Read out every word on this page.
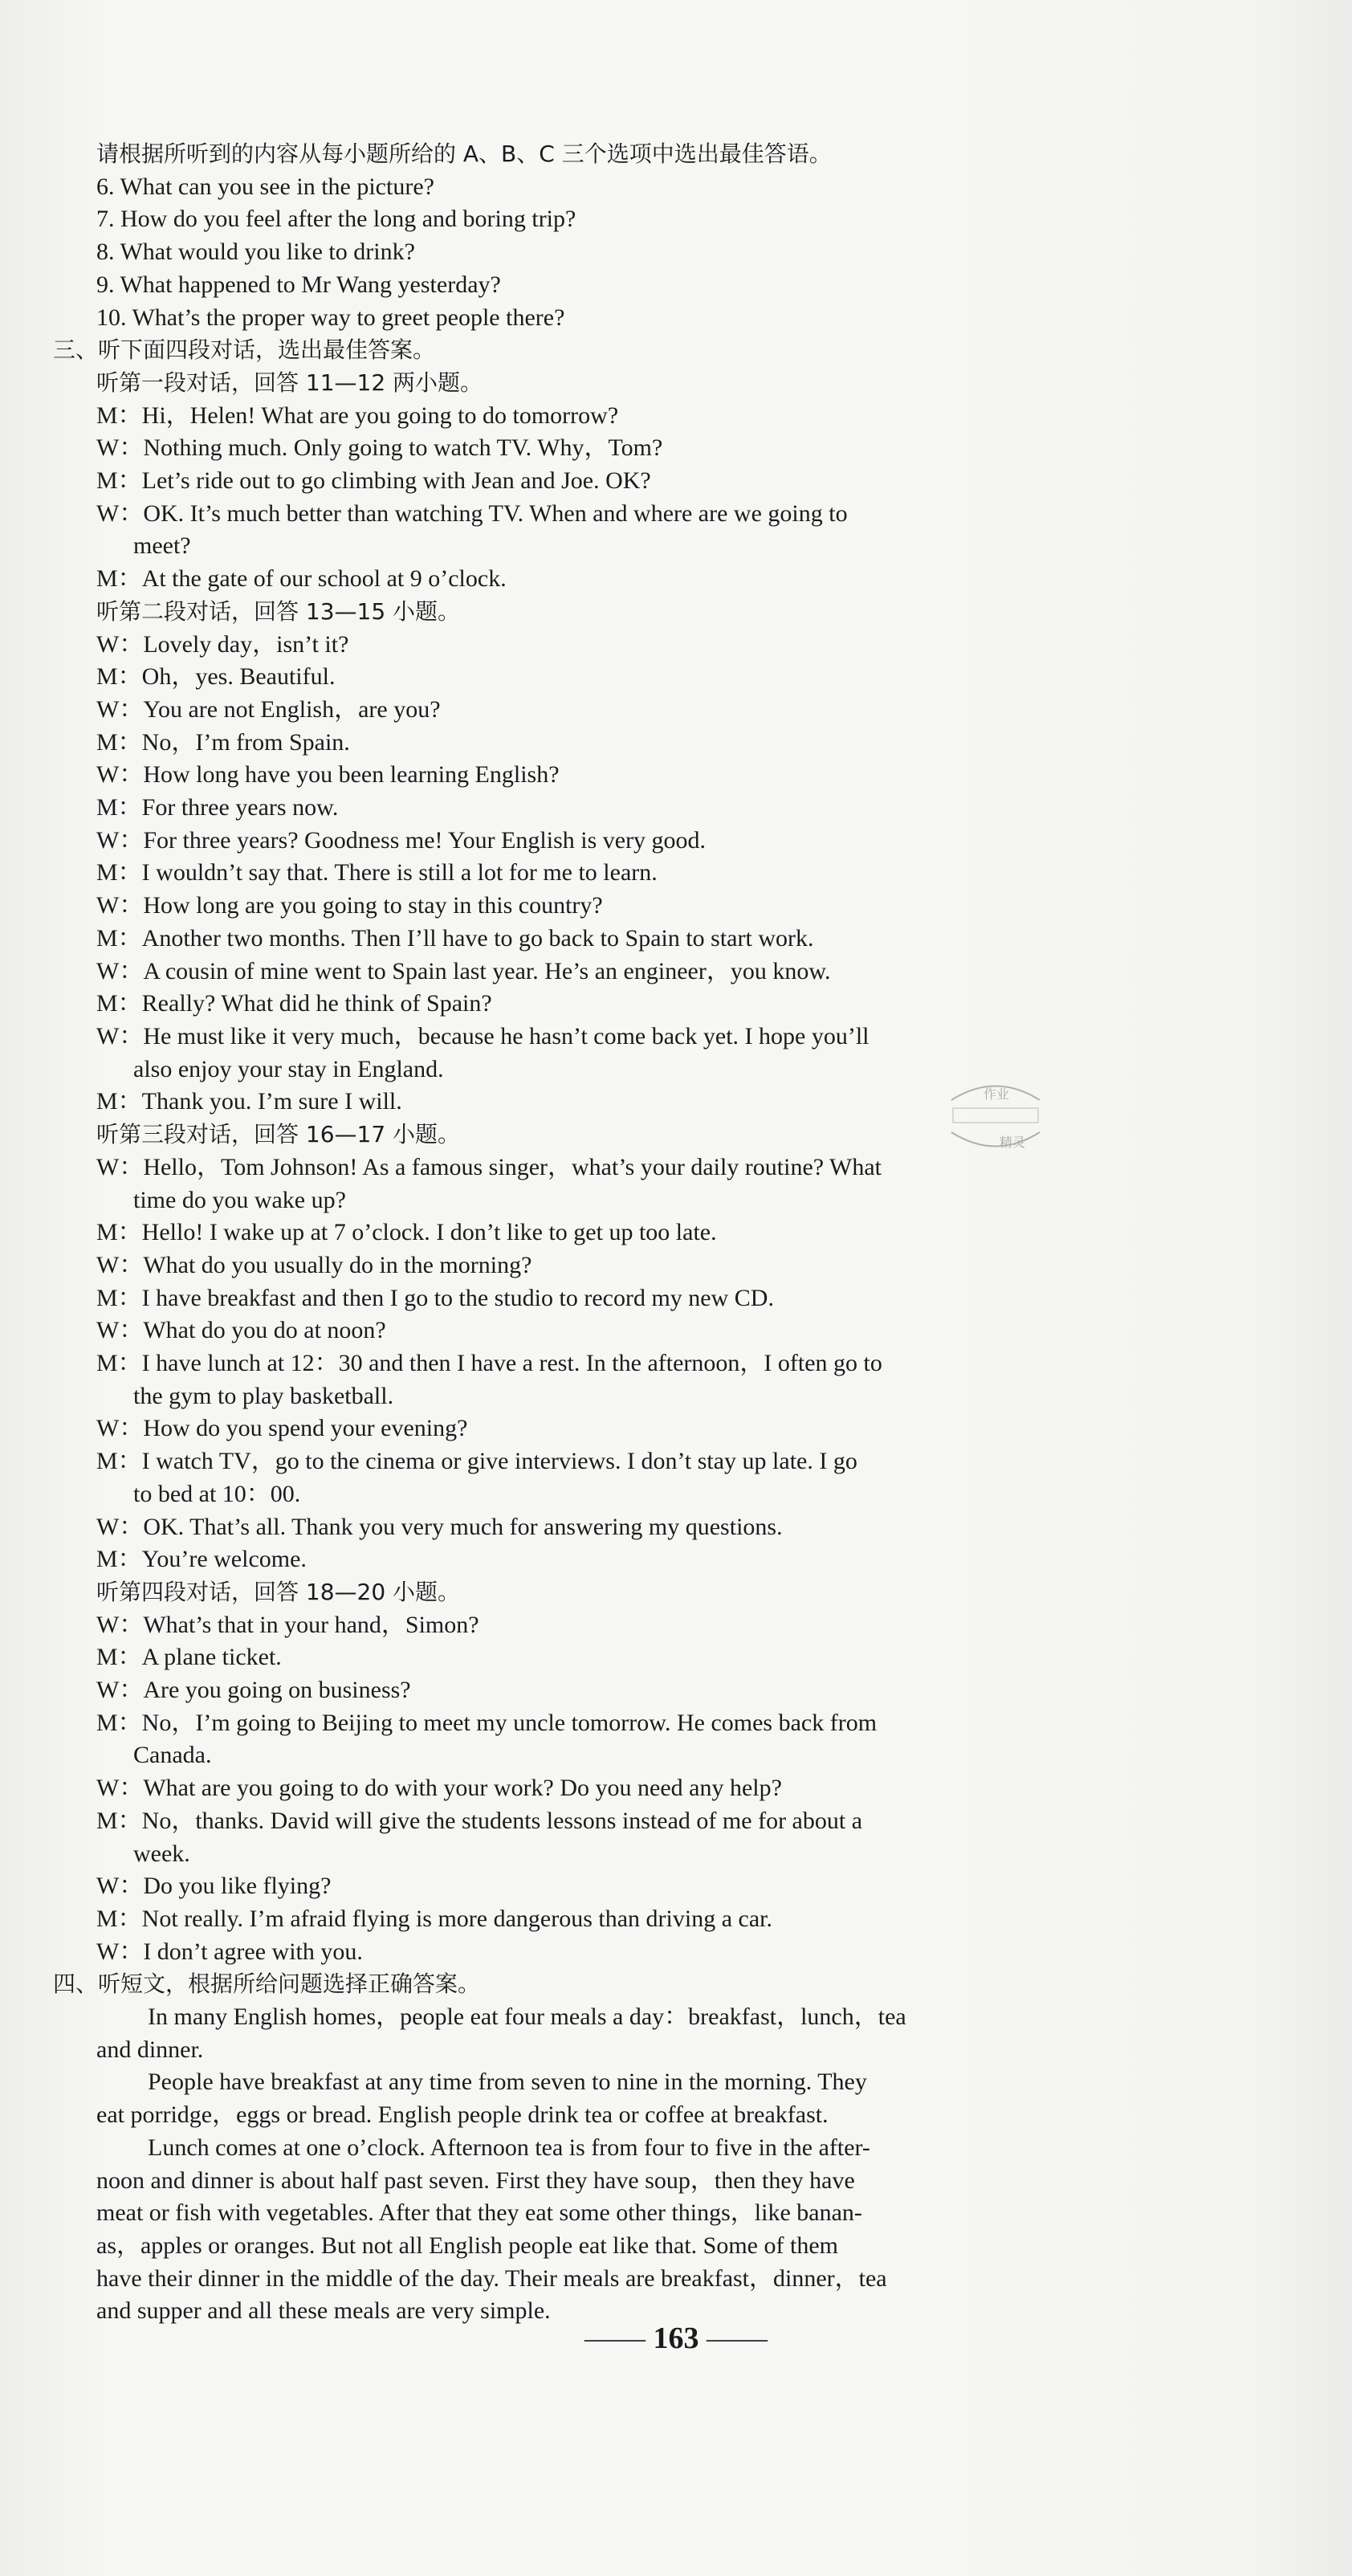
请根据所听到的内容从每小题所给的 A、B、C 三个选项中选出最佳答语。
6. What can you see in the picture?
7. How do you feel after the long and boring trip?
8. What would you like to drink?
9. What happened to Mr Wang yesterday?
10. What’s the proper way to greet people there?
三、听下面四段对话，选出最佳答案。
听第一段对话，回答 11—12 两小题。
M：Hi，Helen! What are you going to do tomorrow?
W：Nothing much. Only going to watch TV. Why，Tom?
M：Let’s ride out to go climbing with Jean and Joe. OK?
W：OK. It’s much better than watching TV. When and where are we going to
meet?
M：At the gate of our school at 9 o’clock.
听第二段对话，回答 13—15 小题。
W：Lovely day，isn’t it?
M：Oh，yes. Beautiful.
W：You are not English，are you?
M：No，I’m from Spain.
W：How long have you been learning English?
M：For three years now.
W：For three years? Goodness me! Your English is very good.
M：I wouldn’t say that. There is still a lot for me to learn.
W：How long are you going to stay in this country?
M：Another two months. Then I’ll have to go back to Spain to start work.
W：A cousin of mine went to Spain last year. He’s an engineer，you know.
M：Really? What did he think of Spain?
W：He must like it very much，because he hasn’t come back yet. I hope you’ll
also enjoy your stay in England.
M：Thank you. I’m sure I will.
听第三段对话，回答 16—17 小题。
W：Hello，Tom Johnson! As a famous singer，what’s your daily routine? What
time do you wake up?
M：Hello! I wake up at 7 o’clock. I don’t like to get up too late.
W：What do you usually do in the morning?
M：I have breakfast and then I go to the studio to record my new CD.
W：What do you do at noon?
M：I have lunch at 12：30 and then I have a rest. In the afternoon，I often go to
the gym to play basketball.
W：How do you spend your evening?
M：I watch TV，go to the cinema or give interviews. I don’t stay up late. I go
to bed at 10：00.
W：OK. That’s all. Thank you very much for answering my questions.
M：You’re welcome.
听第四段对话，回答 18—20 小题。
W：What’s that in your hand，Simon?
M：A plane ticket.
W：Are you going on business?
M：No，I’m going to Beijing to meet my uncle tomorrow. He comes back from
Canada.
W：What are you going to do with your work? Do you need any help?
M：No，thanks. David will give the students lessons instead of me for about a
week.
W：Do you like flying?
M：Not really. I’m afraid flying is more dangerous than driving a car.
W：I don’t agree with you.
四、听短文，根据所给问题选择正确答案。
In many English homes，people eat four meals a day：breakfast，lunch，tea
and dinner.
People have breakfast at any time from seven to nine in the morning. They
eat porridge，eggs or bread. English people drink tea or coffee at breakfast.
Lunch comes at one o’clock. Afternoon tea is from four to five in the after-
noon and dinner is about half past seven. First they have soup，then they have
meat or fish with vegetables. After that they eat some other things，like banan-
as，apples or oranges. But not all English people eat like that. Some of them
have their dinner in the middle of the day. Their meals are breakfast，dinner，tea
and supper and all these meals are very simple.
作业
精灵
—— 163 ——
